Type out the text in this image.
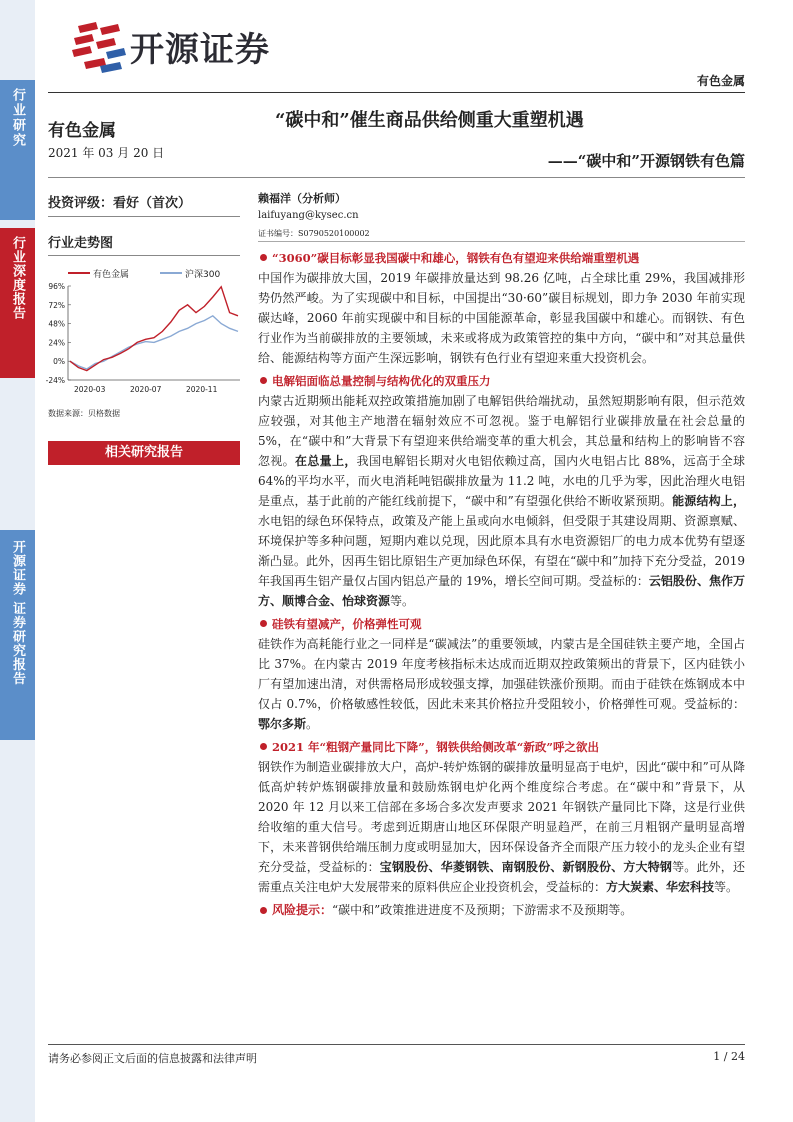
行业研究
行业深度报告
开源证券 证券研究报告
开源证券
有色金属
有色金属
2021 年 03 月 20 日
“碳中和”催生商品供给侧重大重塑机遇
——“碳中和”开源钢铁有色篇
投资评级：看好（首次）
行业走势图
赖福洋（分析师）
laifuyang@kysec.cn
证书编号：S0790520100002
有色金属	沪深300
96%
72%
48%
24%
0%
-24%
2020-03	2020-07	2020-11
数据来源：贝格数据
相关研究报告
“3060”碳目标彰显我国碳中和雄心，钢铁有色有望迎来供给端重塑机遇
中国作为碳排放大国，2019 年碳排放量达到 98.26 亿吨，占全球比重 29%，我国减排形势仍然严峻。为了实现碳中和目标，中国提出“30·60”碳目标规划，即力争 2030 年前实现碳达峰，2060 年前实现碳中和目标的中国能源革命，彰显我国碳中和雄心。而钢铁、有色行业作为当前碳排放的主要领域，未来或将成为政策管控的集中方向，“碳中和”对其总量供给、能源结构等方面产生深远影响，钢铁有色行业有望迎来重大投资机会。
电解铝面临总量控制与结构优化的双重压力
内蒙古近期频出能耗双控政策措施加剧了电解铝供给端扰动，虽然短期影响有限，但示范效应较强，对其他主产地潜在辐射效应不可忽视。鉴于电解铝行业碳排放量在社会总量的 5%，在“碳中和”大背景下有望迎来供给端变革的重大机会，其总量和结构上的影响皆不容忽视。在总量上，我国电解铝长期对火电铝依赖过高，国内火电铝占比 88%，远高于全球 64%的平均水平，而火电消耗吨铝碳排放量为 11.2 吨，水电的几乎为零，因此治理火电铝是重点，基于此前的产能红线前提下，“碳中和”有望强化供给不断收紧预期。能源结构上，水电铝的绿色环保特点，政策及产能上虽或向水电倾斜，但受限于其建设周期、资源禀赋、环境保护等多种问题，短期内难以兑现，因此原本具有水电资源铝厂的电力成本优势有望逐渐凸显。此外，因再生铝比原铝生产更加绿色环保，有望在“碳中和”加持下充分受益，2019 年我国再生铝产量仅占国内铝总产量的 19%，增长空间可期。受益标的：云铝股份、焦作万方、顺博合金、怡球资源等。
硅铁有望减产，价格弹性可观
硅铁作为高耗能行业之一同样是“碳减法”的重要领域，内蒙古是全国硅铁主要产地，全国占比 37%。在内蒙古 2019 年度考核指标未达成而近期双控政策频出的背景下，区内硅铁小厂有望加速出清，对供需格局形成较强支撑，加强硅铁涨价预期。而由于硅铁在炼钢成本中仅占 0.7%，价格敏感性较低，因此未来其价格拉升受阻较小，价格弹性可观。受益标的：鄂尔多斯。
2021 年“粗钢产量同比下降”，钢铁供给侧改革“新政”呼之欲出
钢铁作为制造业碳排放大户，高炉-转炉炼钢的碳排放量明显高于电炉，因此“碳中和”可从降低高炉转炉炼钢碳排放量和鼓励炼钢电炉化两个维度综合考虑。在“碳中和”背景下，从 2020 年 12 月以来工信部在多场合多次发声要求 2021 年钢铁产量同比下降，这是行业供给收缩的重大信号。考虑到近期唐山地区环保限产明显趋严，在前三月粗钢产量明显高增下，未来普钢供给端压制力度或明显加大，因环保设备齐全而限产压力较小的龙头企业有望充分受益，受益标的：宝钢股份、华菱钢铁、南钢股份、新钢股份、方大特钢等。此外，还需重点关注电炉大发展带来的原料供应企业投资机会，受益标的：方大炭素、华宏科技等。
风险提示：“碳中和”政策推进进度不及预期；下游需求不及预期等。
请务必参阅正文后面的信息披露和法律声明	1 / 24
